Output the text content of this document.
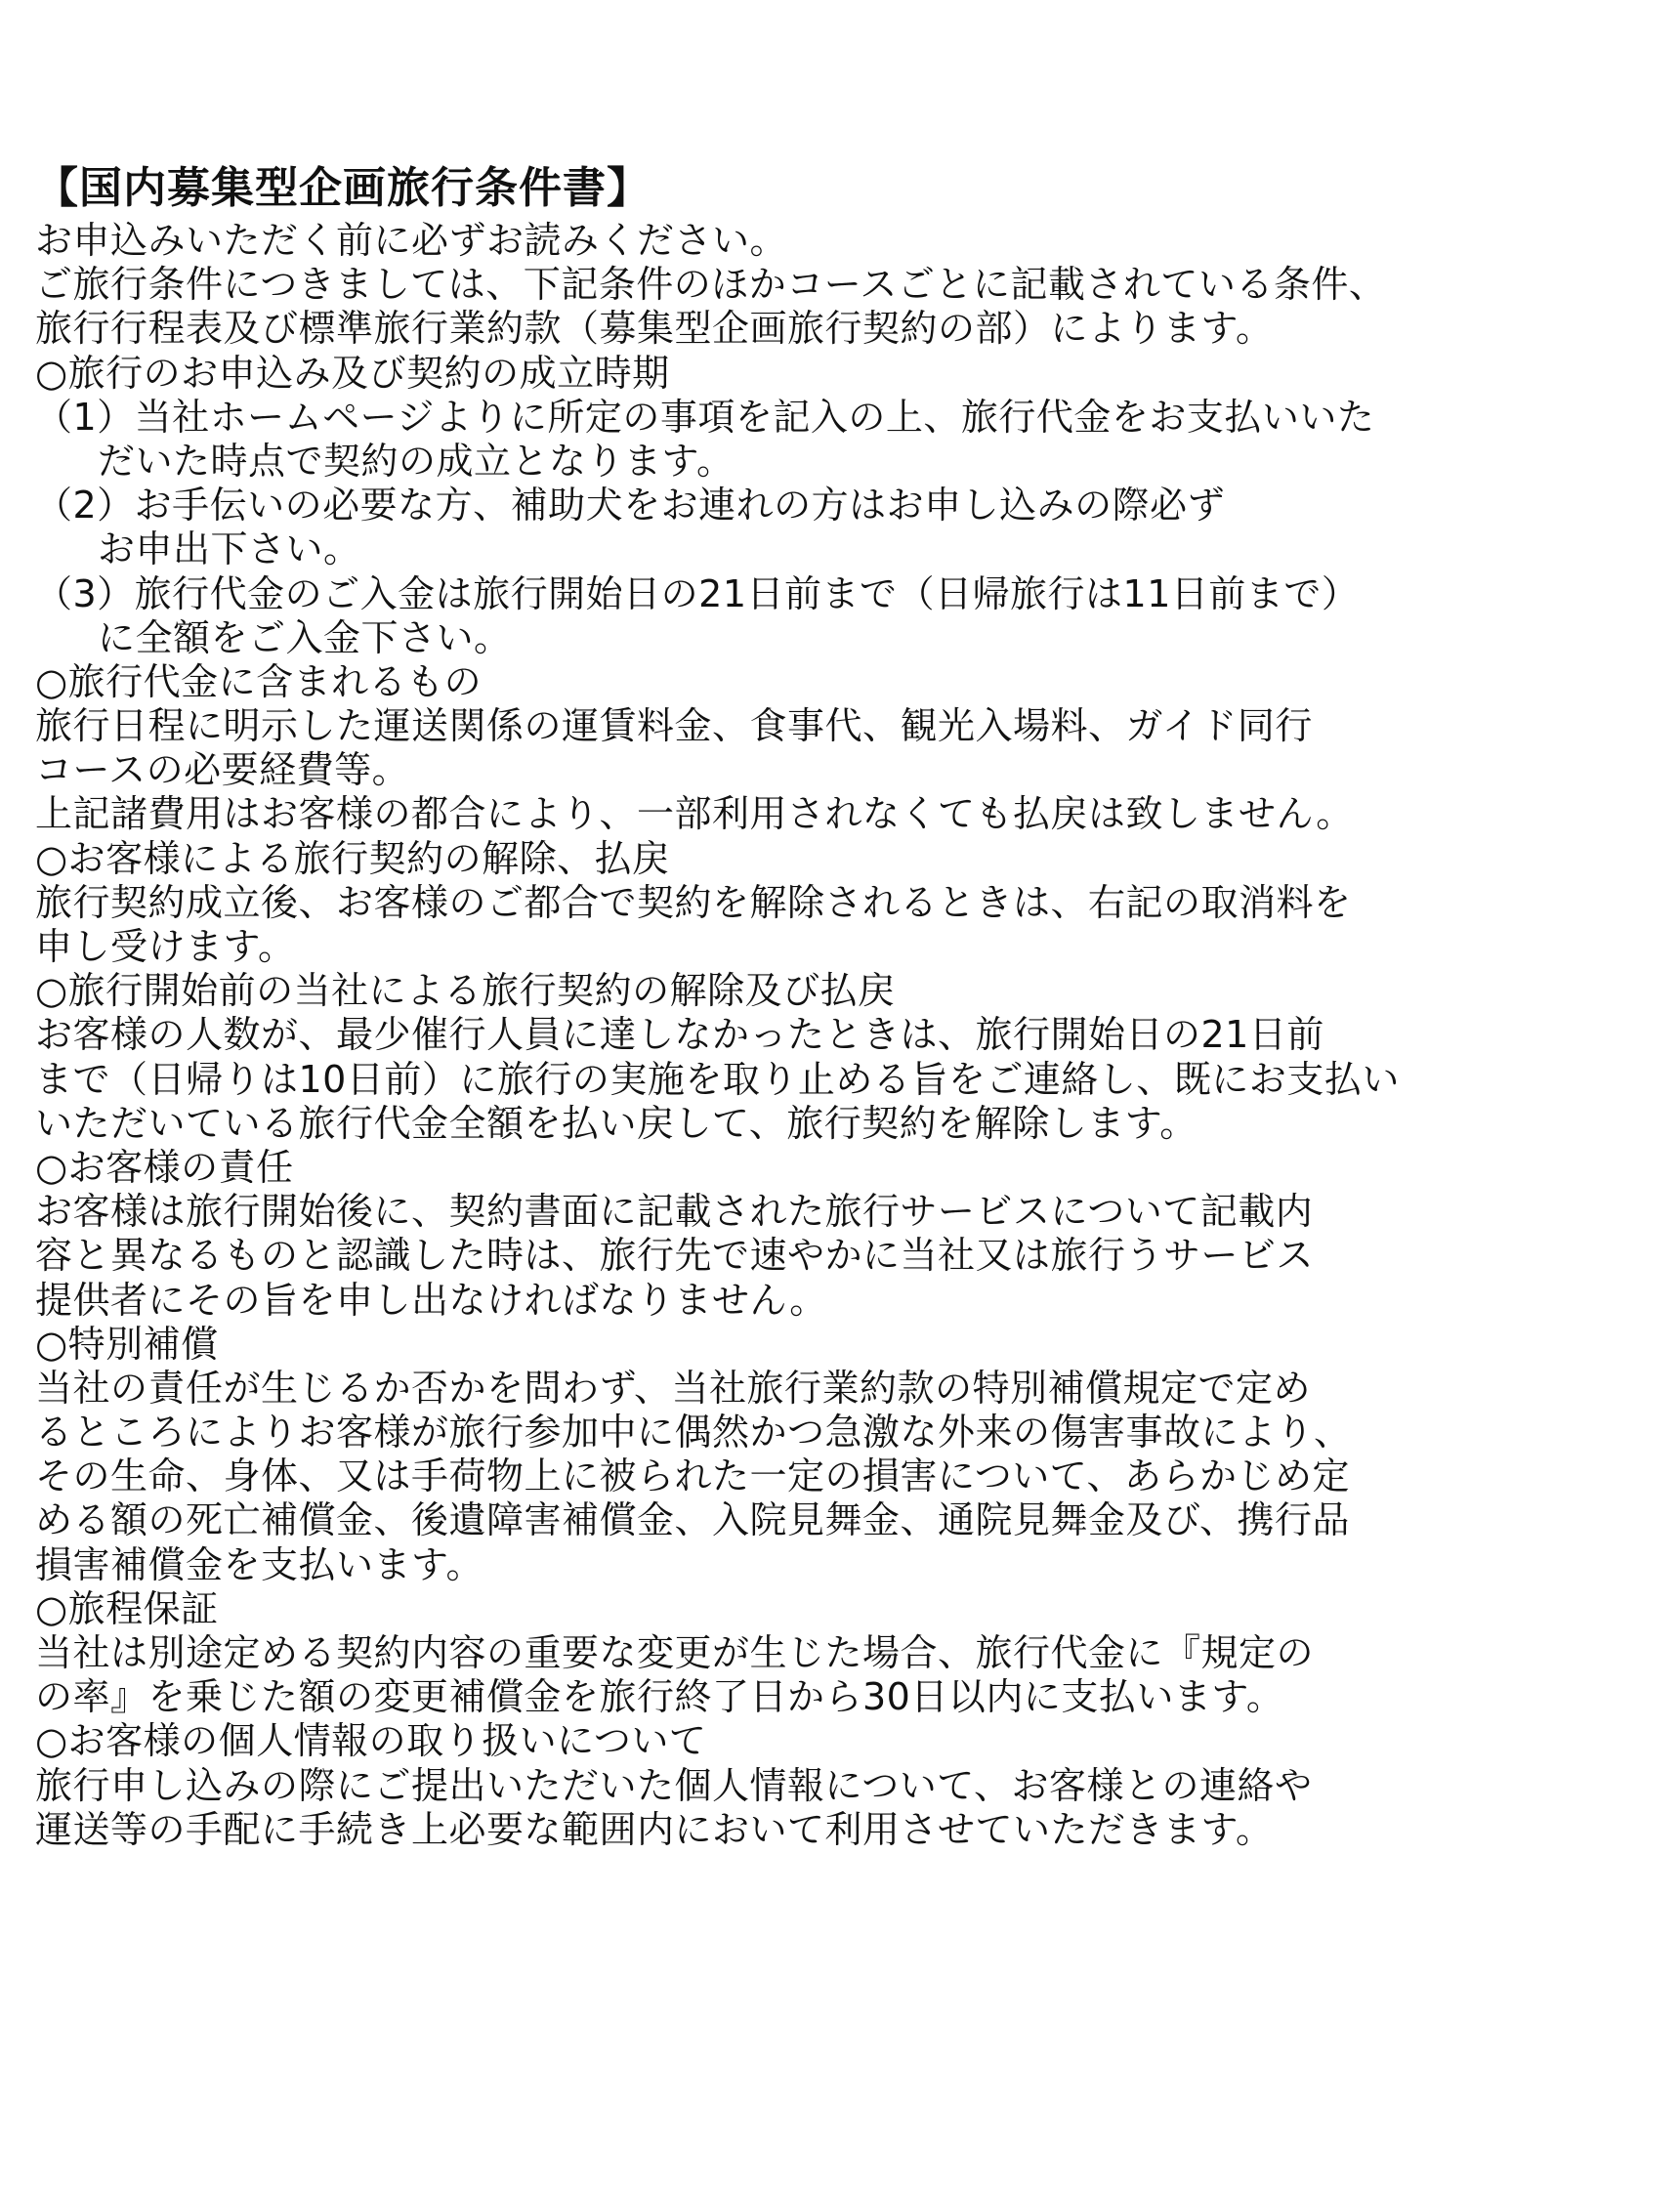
【国内募集型企画旅行条件書】
お申込みいただく前に必ずお読みください。
ご旅行条件につきましては、下記条件のほかコースごとに記載されている条件、
旅行行程表及び標準旅行業約款（募集型企画旅行契約の部）によります。
○旅行のお申込み及び契約の成立時期
（1）当社ホームページよりに所定の事項を記入の上、旅行代金をお支払いいた
だいた時点で契約の成立となります。
（2）お手伝いの必要な方、補助犬をお連れの方はお申し込みの際必ず
お申出下さい。
（3）旅行代金のご入金は旅行開始日の21日前まで（日帰旅行は11日前まで）
に全額をご入金下さい。
○旅行代金に含まれるもの
旅行日程に明示した運送関係の運賃料金、食事代、観光入場料、ガイド同行
コースの必要経費等。
上記諸費用はお客様の都合により、一部利用されなくても払戻は致しません。
○お客様による旅行契約の解除、払戻
旅行契約成立後、お客様のご都合で契約を解除されるときは、右記の取消料を
申し受けます。
○旅行開始前の当社による旅行契約の解除及び払戻
お客様の人数が、最少催行人員に達しなかったときは、旅行開始日の21日前
まで（日帰りは10日前）に旅行の実施を取り止める旨をご連絡し、既にお支払い
いただいている旅行代金全額を払い戻して、旅行契約を解除します。
○お客様の責任
お客様は旅行開始後に、契約書面に記載された旅行サービスについて記載内
容と異なるものと認識した時は、旅行先で速やかに当社又は旅行うサービス
提供者にその旨を申し出なければなりません。
○特別補償
当社の責任が生じるか否かを問わず、当社旅行業約款の特別補償規定で定め
るところによりお客様が旅行参加中に偶然かつ急激な外来の傷害事故により、
その生命、身体、又は手荷物上に被られた一定の損害について、あらかじめ定
める額の死亡補償金、後遺障害補償金、入院見舞金、通院見舞金及び、携行品
損害補償金を支払います。
○旅程保証
当社は別途定める契約内容の重要な変更が生じた場合、旅行代金に『規定の
の率』を乗じた額の変更補償金を旅行終了日から30日以内に支払います。
○お客様の個人情報の取り扱いについて
旅行申し込みの際にご提出いただいた個人情報について、お客様との連絡や
運送等の手配に手続き上必要な範囲内において利用させていただきます。
